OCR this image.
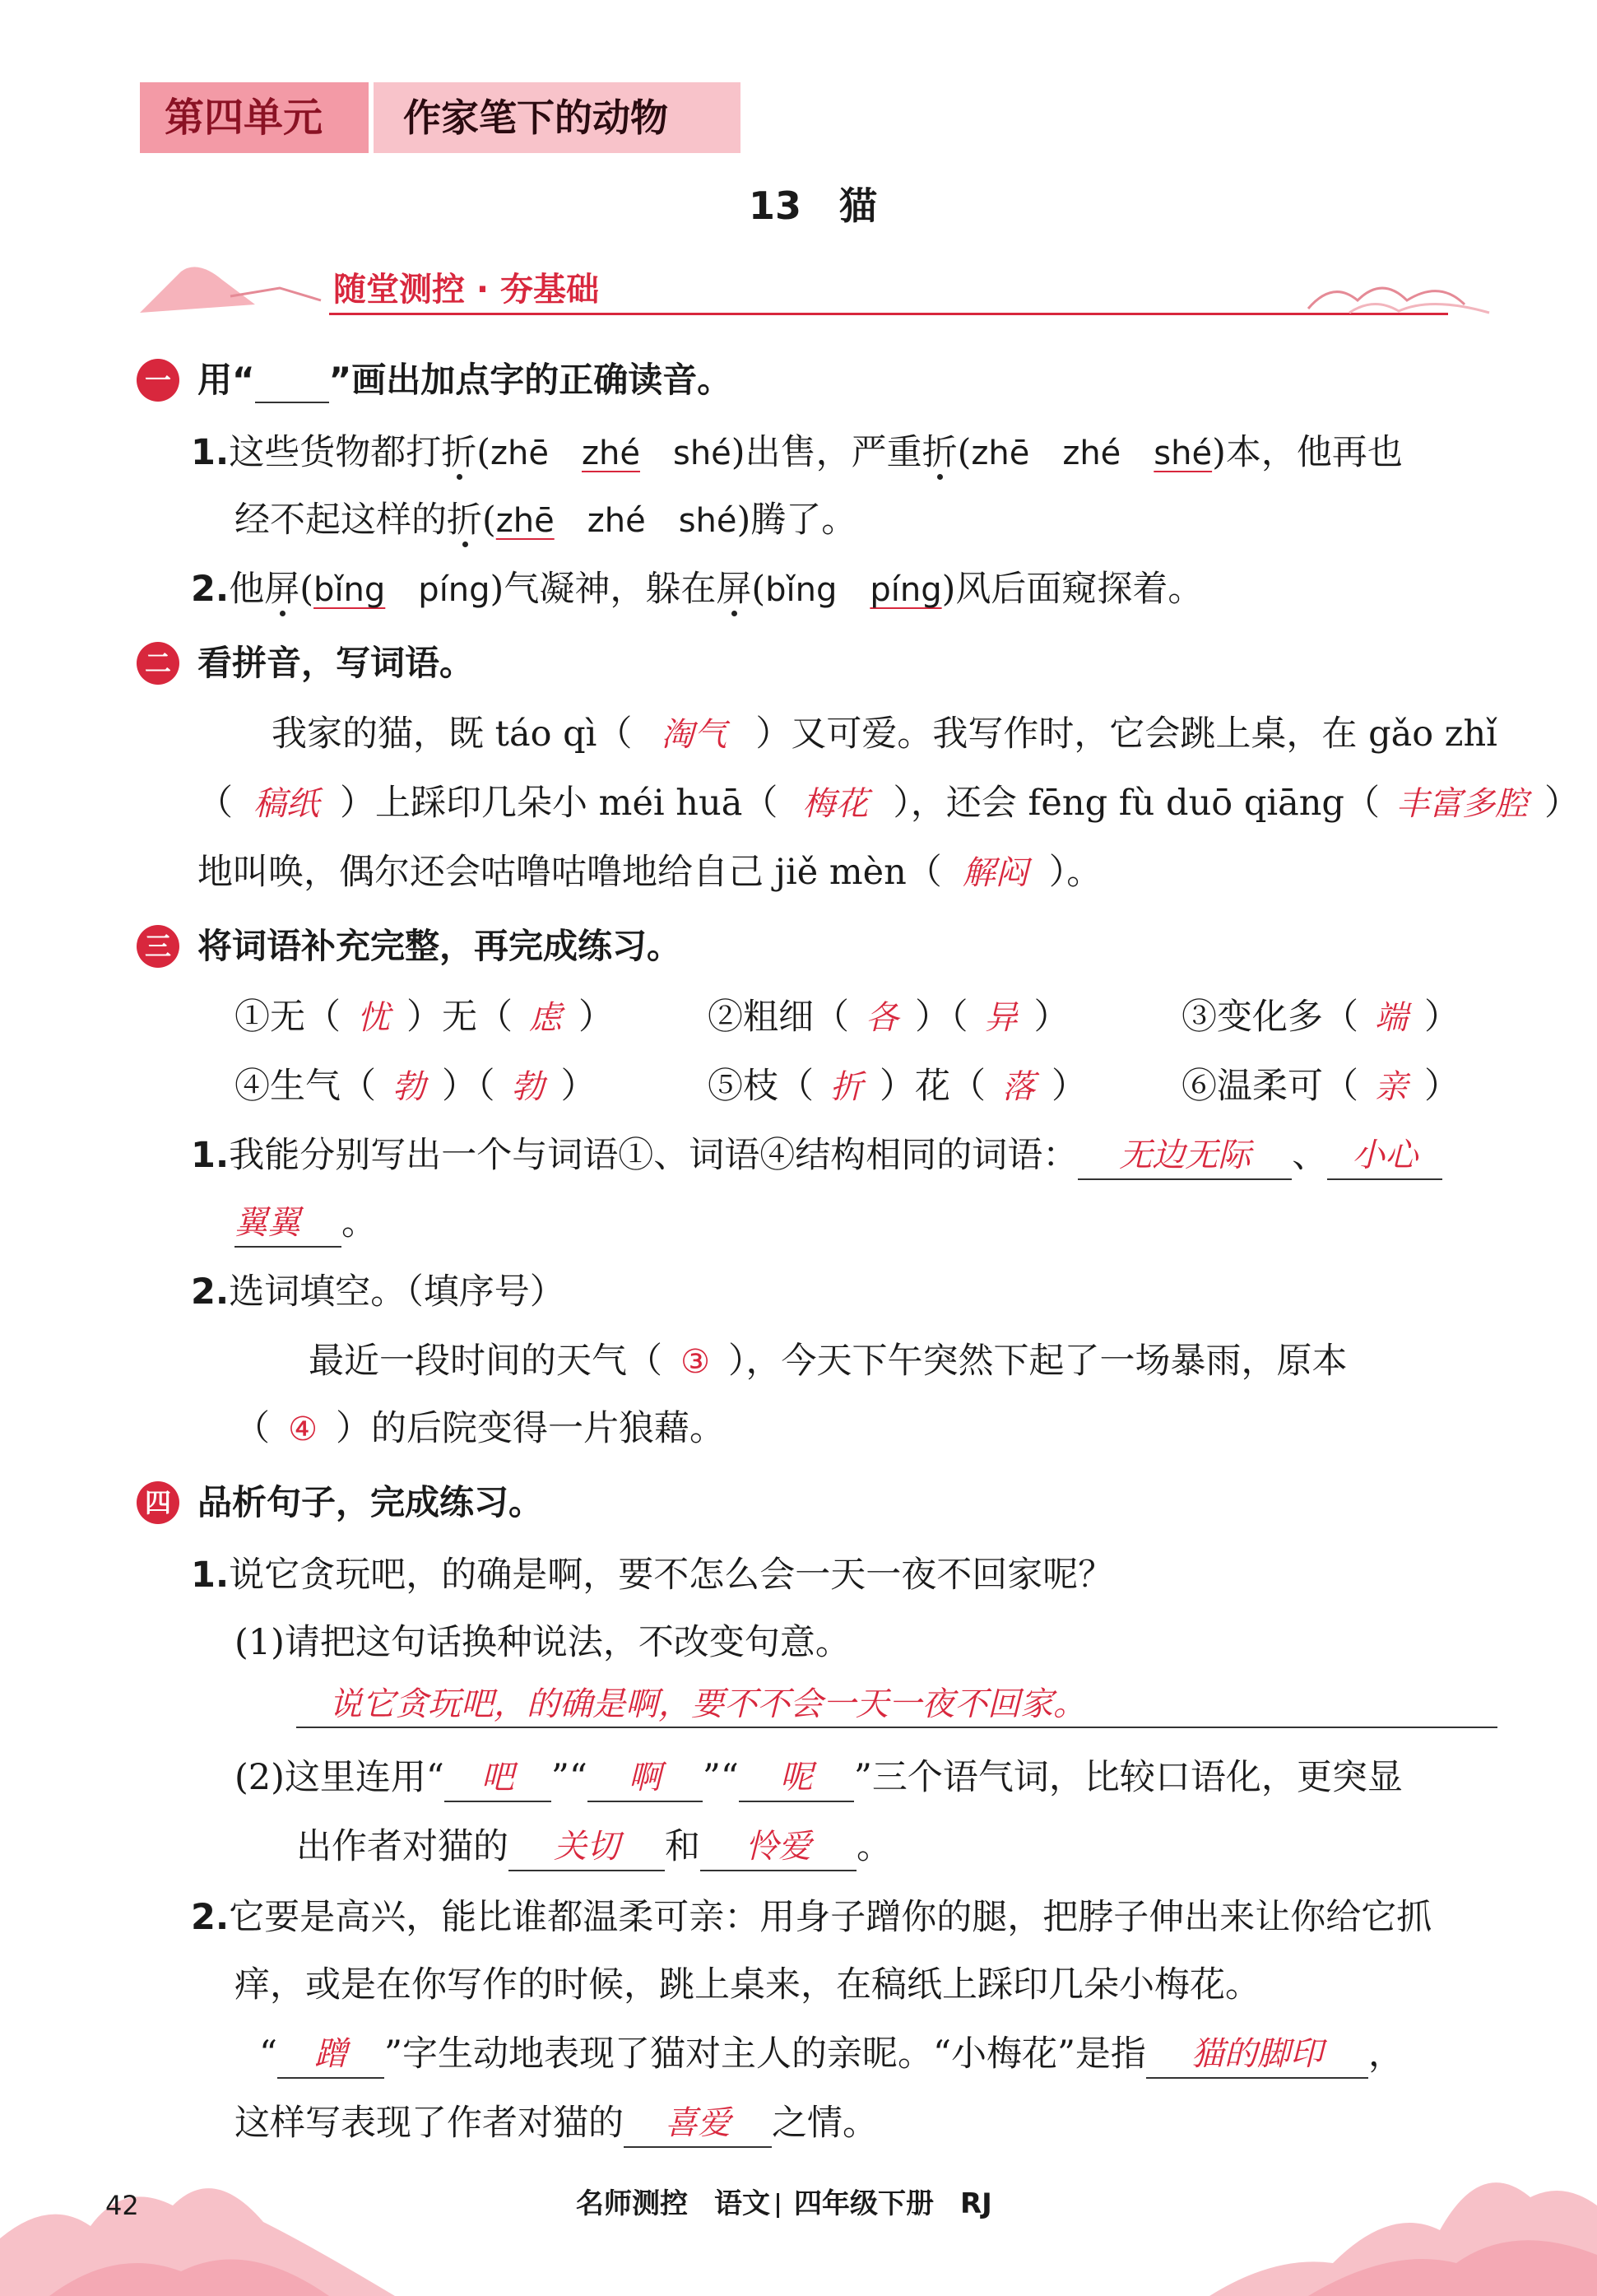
第四单元 作家笔下的动物
13　猫
随堂测控 · 夯基础
一 用“ ”画出加点字的正确读音。
1.这些货物都打折(zhē zhé shé)出售，严重折(zhē zhé shé)本，他再也
经不起这样的折(zhē zhé shé)腾了。
2.他屏(bǐng píng)气凝神，躲在屏(bǐng píng)风后面窥探着。
二 看拼音，写词语。
我家的猫，既 táo qì（ 淘气 ）又可爱。我写作时，它会跳上桌，在 gǎo zhǐ
（ 稿纸 ）上踩印几朵小 méi huā（ 梅花 ），还会 fēng fù duō qiāng（ 丰富多腔 ）
地叫唤，偶尔还会咕噜咕噜地给自己 jiě mèn（ 解闷 ）。
三 将词语补充完整，再完成练习。
①无（ 忧 ）无（ 虑 ）	②粗细（ 各 ）（ 异 ）	③变化多（ 端 ）
④生气（ 勃 ）（ 勃 ）	⑤枝（ 折 ）花（ 落 ）	⑥温柔可（ 亲 ）
1.我能分别写出一个与词语①、词语④结构相同的词语： 无边无际 、 小心
翼翼 。
2.选词填空。（填序号）
最近一段时间的天气（ ③ ），今天下午突然下起了一场暴雨，原本
（ ④ ）的后院变得一片狼藉。
四 品析句子，完成练习。
1.说它贪玩吧，的确是啊，要不怎么会一天一夜不回家呢？
(1)请把这句话换种说法，不改变句意。
说它贪玩吧，的确是啊，要不不会一天一夜不回家。
(2)这里连用“ 吧 ”“ 啊 ”“ 呢 ”三个语气词，比较口语化，更突显
出作者对猫的 关切 和 怜爱 。
2.它要是高兴，能比谁都温柔可亲：用身子蹭你的腿，把脖子伸出来让你给它抓
痒，或是在你写作的时候，跳上桌来，在稿纸上踩印几朵小梅花。
“ 蹭 ”字生动地表现了猫对主人的亲昵。“小梅花”是指 猫的脚印 ，
这样写表现了作者对猫的 喜爱 之情。
42	名师测控 语文 四年级下册 RJ
